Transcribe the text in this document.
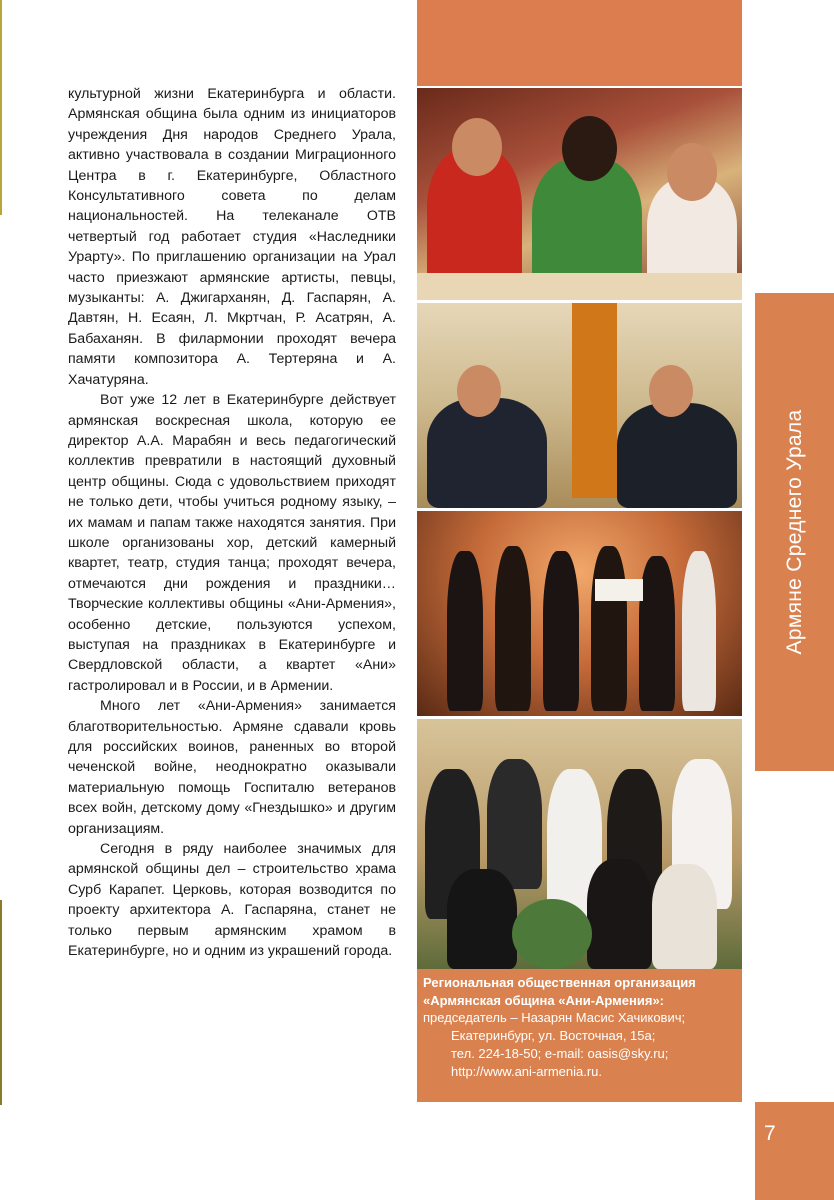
культурной жизни Екатеринбурга и области. Армянская община была одним из инициаторов учреждения Дня народов Среднего Урала, активно участвовала в создании Миграционного Центра в г. Екатеринбурге, Областного Консультативного совета по делам национальностей. На телеканале ОТВ четвертый год работает студия «Наследники Урарту». По приглашению организации на Урал часто приезжают армянские артисты, певцы, музыканты: А. Джигарханян, Д. Гаспарян, А. Давтян, Н. Есаян, Л. Мкртчан, Р. Асатрян, А. Бабаханян. В филармонии проходят вечера памяти композитора А. Тертеряна и А. Хачатуряна.

Вот уже 12 лет в Екатеринбурге действует армянская воскресная школа, которую ее директор А.А. Марабян и весь педагогический коллектив превратили в настоящий духовный центр общины. Сюда с удовольствием приходят не только дети, чтобы учиться родному языку, – их мамам и папам также находятся занятия. При школе организованы хор, детский камерный квартет, театр, студия танца; проходят вечера, отмечаются дни рождения и праздники… Творческие коллективы общины «Ани-Армения», особенно детские, пользуются успехом, выступая на праздниках в Екатеринбурге и Свердловской области, а квартет «Ани» гастролировал и в России, и в Армении.

Много лет «Ани-Армения» занимается благотворительностью. Армяне сдавали кровь для российских воинов, раненных во второй чеченской войне, неоднократно оказывали материальную помощь Госпиталю ветеранов всех войн, детскому дому «Гнездышко» и другим организациям.

Сегодня в ряду наиболее значимых для армянской общины дел – строительство храма Сурб Карапет. Церковь, которая возводится по проекту архитектора А. Гаспаряна, станет не только первым армянским храмом в Екатеринбурге, но и одним из украшений города.

Региональная общественная организация
«Армянская община «Ани-Армения»:
председатель – Назарян Масис Хачикович;
Екатеринбург, ул. Восточная, 15а;
тел. 224-18-50; e-mail: oasis@sky.ru;
http://www.ani-armenia.ru.
Армяне Среднего Урала
7
